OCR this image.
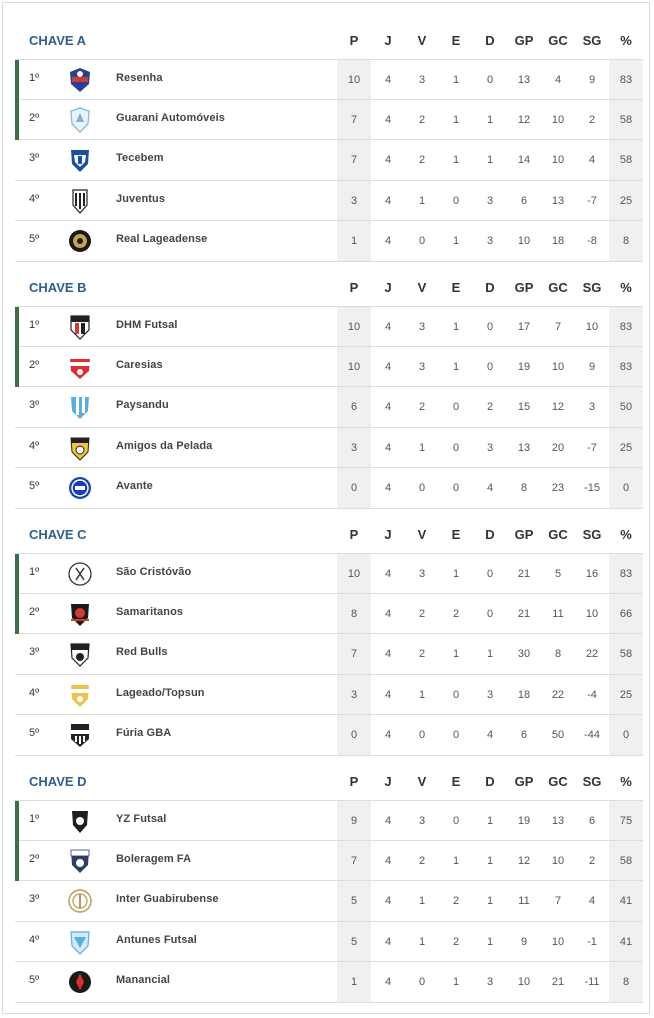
CHAVE A	P	J	V	E	D	GP	GC	SG	%
1º	Resenha	10	4	3	1	0	13	4	9	83
2º	Guarani Automóveis	7	4	2	1	1	12	10	2	58
3º	Tecebem	7	4	2	1	1	14	10	4	58
4º	Juventus	3	4	1	0	3	6	13	-7	25
5º	Real Lageadense	1	4	0	1	3	10	18	-8	8
CHAVE B	P	J	V	E	D	GP	GC	SG	%
1º	DHM Futsal	10	4	3	1	0	17	7	10	83
2º	Caresias	10	4	3	1	0	19	10	9	83
3º	Paysandu	6	4	2	0	2	15	12	3	50
4º	Amigos da Pelada	3	4	1	0	3	13	20	-7	25
5º	Avante	0	4	0	0	4	8	23	-15	0
CHAVE C	P	J	V	E	D	GP	GC	SG	%
1º	São Cristóvão	10	4	3	1	0	21	5	16	83
2º	Samaritanos	8	4	2	2	0	21	11	10	66
3º	Red Bulls	7	4	2	1	1	30	8	22	58
4º	Lageado/Topsun	3	4	1	0	3	18	22	-4	25
5º	Fúria GBA	0	4	0	0	4	6	50	-44	0
CHAVE D	P	J	V	E	D	GP	GC	SG	%
1º	YZ Futsal	9	4	3	0	1	19	13	6	75
2º	Boleragem FA	7	4	2	1	1	12	10	2	58
3º	Inter Guabirubense	5	4	1	2	1	11	7	4	41
4º	Antunes Futsal	5	4	1	2	1	9	10	-1	41
5º	Manancial	1	4	0	1	3	10	21	-11	8
